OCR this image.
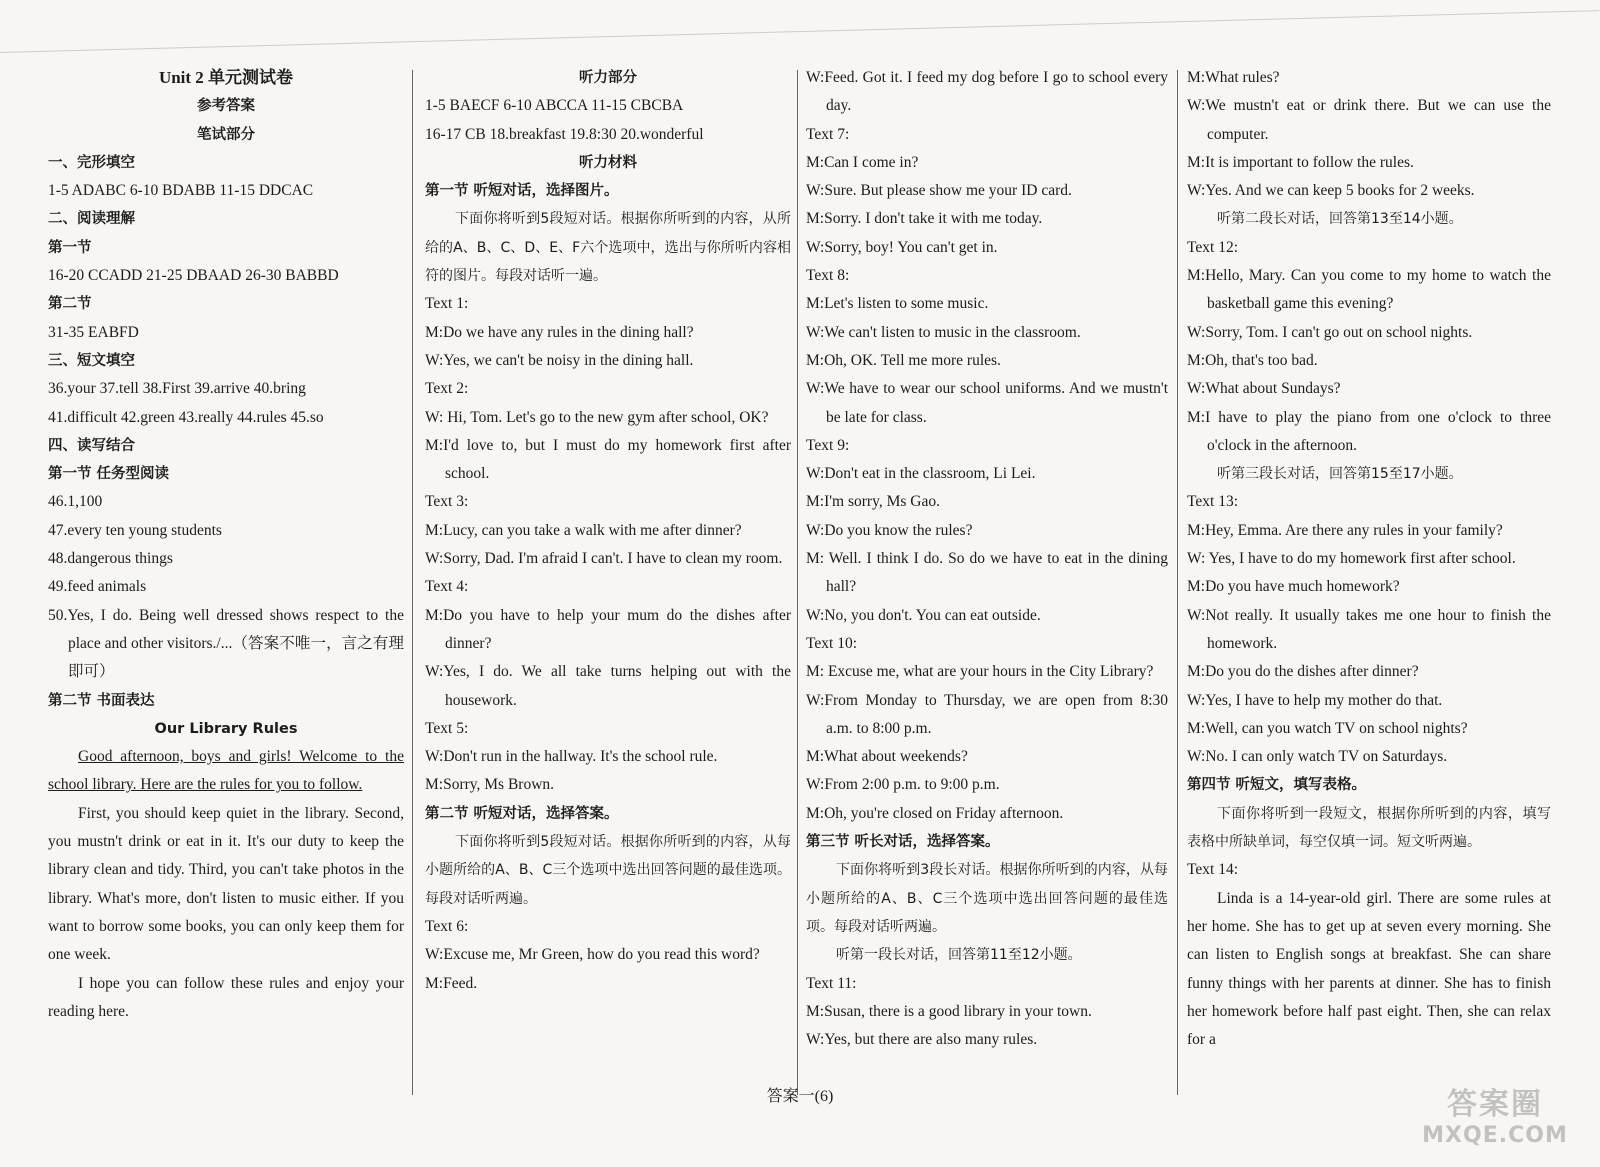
Unit 2 单元测试卷

参考答案

笔试部分

一、完形填空

1-5 ADABC 6-10 BDABB 11-15 DDCAC

二、阅读理解

第一节

16-20 CCADD 21-25 DBAAD 26-30 BABBD

第二节

31-35 EABFD

三、短文填空

36.your 37.tell 38.First 39.arrive 40.bring

41.difficult 42.green 43.really 44.rules 45.so

四、读写结合

第一节 任务型阅读

46.1,100

47.every ten young students

48.dangerous things

49.feed animals

50.Yes, I do. Being well dressed shows respect to the place and other visitors./...（答案不唯一，言之有理即可）

第二节 书面表达

Our Library Rules

Good afternoon, boys and girls! Welcome to the school library. Here are the rules for you to follow.

First, you should keep quiet in the library. Second, you mustn't drink or eat in it. It's our duty to keep the library clean and tidy. Third, you can't take photos in the library. What's more, don't listen to music either. If you want to borrow some books, you can only keep them for one week.

I hope you can follow these rules and enjoy your reading here.

听力部分

1-5 BAECF 6-10 ABCCA 11-15 CBCBA

16-17 CB 18.breakfast 19.8:30 20.wonderful

听力材料

第一节 听短对话，选择图片。

下面你将听到5段短对话。根据你所听到的内容，从所给的A、B、C、D、E、F六个选项中，选出与你所听内容相符的图片。每段对话听一遍。

Text 1:

M:Do we have any rules in the dining hall?

W:Yes, we can't be noisy in the dining hall.

Text 2:

W: Hi, Tom. Let's go to the new gym after school, OK?

M:I'd love to, but I must do my homework first after school.

Text 3:

M:Lucy, can you take a walk with me after dinner?

W:Sorry, Dad. I'm afraid I can't. I have to clean my room.

Text 4:

M:Do you have to help your mum do the dishes after dinner?

W:Yes, I do. We all take turns helping out with the housework.

Text 5:

W:Don't run in the hallway. It's the school rule.

M:Sorry, Ms Brown.

第二节 听短对话，选择答案。

下面你将听到5段短对话。根据你所听到的内容，从每小题所给的A、B、C三个选项中选出回答问题的最佳选项。每段对话听两遍。

Text 6:

W:Excuse me, Mr Green, how do you read this word?

M:Feed.

W:Feed. Got it. I feed my dog before I go to school every day.

Text 7:

M:Can I come in?

W:Sure. But please show me your ID card.

M:Sorry. I don't take it with me today.

W:Sorry, boy! You can't get in.

Text 8:

M:Let's listen to some music.

W:We can't listen to music in the classroom.

M:Oh, OK. Tell me more rules.

W:We have to wear our school uniforms. And we mustn't be late for class.

Text 9:

W:Don't eat in the classroom, Li Lei.

M:I'm sorry, Ms Gao.

W:Do you know the rules?

M: Well. I think I do. So do we have to eat in the dining hall?

W:No, you don't. You can eat outside.

Text 10:

M: Excuse me, what are your hours in the City Library?

W:From Monday to Thursday, we are open from 8:30 a.m. to 8:00 p.m.

M:What about weekends?

W:From 2:00 p.m. to 9:00 p.m.

M:Oh, you're closed on Friday afternoon.

第三节 听长对话，选择答案。

下面你将听到3段长对话。根据你所听到的内容，从每小题所给的A、B、C三个选项中选出回答问题的最佳选项。每段对话听两遍。

听第一段长对话，回答第11至12小题。

Text 11:

M:Susan, there is a good library in your town.

W:Yes, but there are also many rules.

M:What rules?

W:We mustn't eat or drink there. But we can use the computer.

M:It is important to follow the rules.

W:Yes. And we can keep 5 books for 2 weeks.

听第二段长对话，回答第13至14小题。

Text 12:

M:Hello, Mary. Can you come to my home to watch the basketball game this evening?

W:Sorry, Tom. I can't go out on school nights.

M:Oh, that's too bad.

W:What about Sundays?

M:I have to play the piano from one o'clock to three o'clock in the afternoon.

听第三段长对话，回答第15至17小题。

Text 13:

M:Hey, Emma. Are there any rules in your family?

W: Yes, I have to do my homework first after school.

M:Do you have much homework?

W:Not really. It usually takes me one hour to finish the homework.

M:Do you do the dishes after dinner?

W:Yes, I have to help my mother do that.

M:Well, can you watch TV on school nights?

W:No. I can only watch TV on Saturdays.

第四节 听短文，填写表格。

下面你将听到一段短文，根据你所听到的内容，填写表格中所缺单词，每空仅填一词。短文听两遍。

Text 14:

Linda is a 14-year-old girl. There are some rules at her home. She has to get up at seven every morning. She can listen to English songs at breakfast. She can share funny things with her parents at dinner. She has to finish her homework before half past eight. Then, she can relax for a

答案一(6)	答案圈
MXQE.COM
